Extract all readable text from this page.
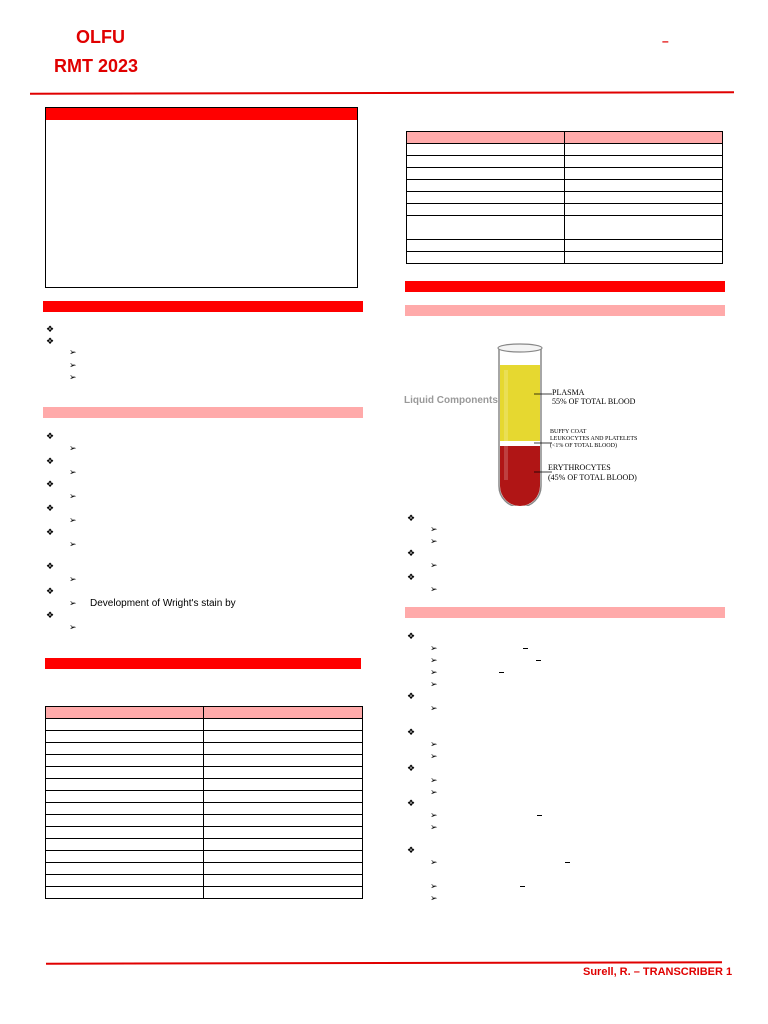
OLFU
RMT 2023
–
❖
❖
➢
➢
➢
❖
➢
❖
➢
❖
➢
❖
➢
❖
➢
❖
➢
❖
➢ Development of Wright's stain by
❖
➢

Liquid Components
PLASMA
55% OF TOTAL BLOOD
BUFFY COAT
LEUKOCYTES AND PLATELETS
(<1% OF TOTAL BLOOD)
ERYTHROCYTES
(45% OF TOTAL BLOOD)
❖
➢
➢
❖
➢
❖
➢
❖
➢
➢
➢
➢
❖
➢
❖
➢
➢
❖
➢
➢
❖
➢
➢
❖
➢
➢
➢
Surell, R. – TRANSCRIBER 1
